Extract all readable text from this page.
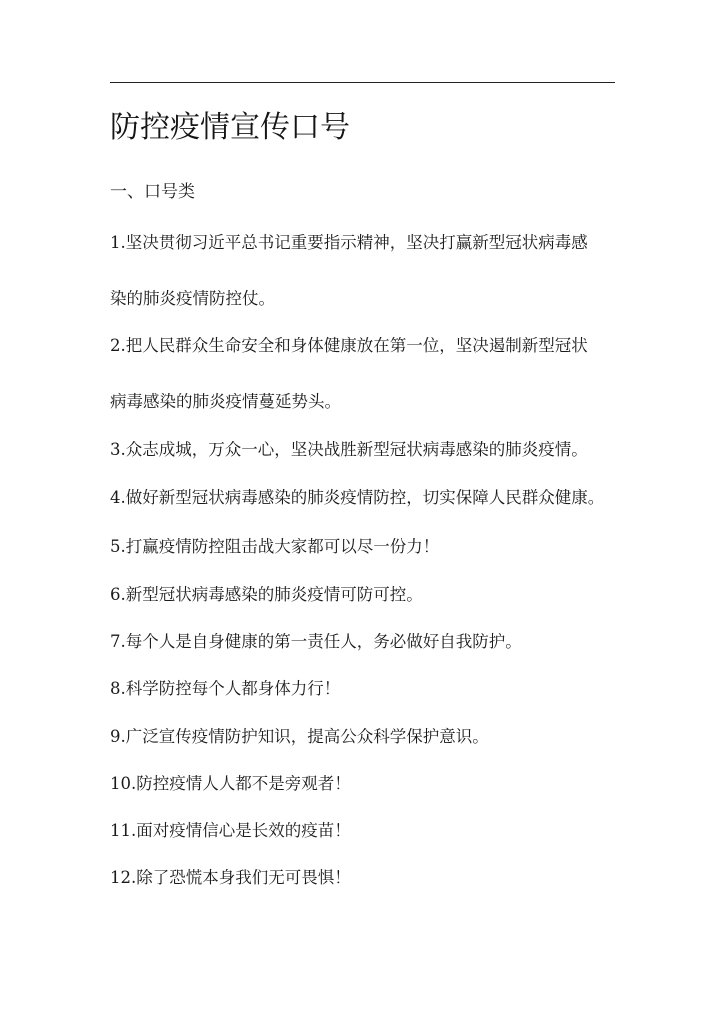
防控疫情宣传口号
一、口号类
1.坚决贯彻习近平总书记重要指示精神，坚决打赢新型冠状病毒感
染的肺炎疫情防控仗。
2.把人民群众生命安全和身体健康放在第一位，坚决遏制新型冠状
病毒感染的肺炎疫情蔓延势头。
3.众志成城，万众一心，坚决战胜新型冠状病毒感染的肺炎疫情。
4.做好新型冠状病毒感染的肺炎疫情防控，切实保障人民群众健康。
5.打赢疫情防控阻击战大家都可以尽一份力！
6.新型冠状病毒感染的肺炎疫情可防可控。
7.每个人是自身健康的第一责任人，务必做好自我防护。
8.科学防控每个人都身体力行！
9.广泛宣传疫情防护知识，提高公众科学保护意识。
10.防控疫情人人都不是旁观者！
11.面对疫情信心是长效的疫苗！
12.除了恐慌本身我们无可畏惧！
